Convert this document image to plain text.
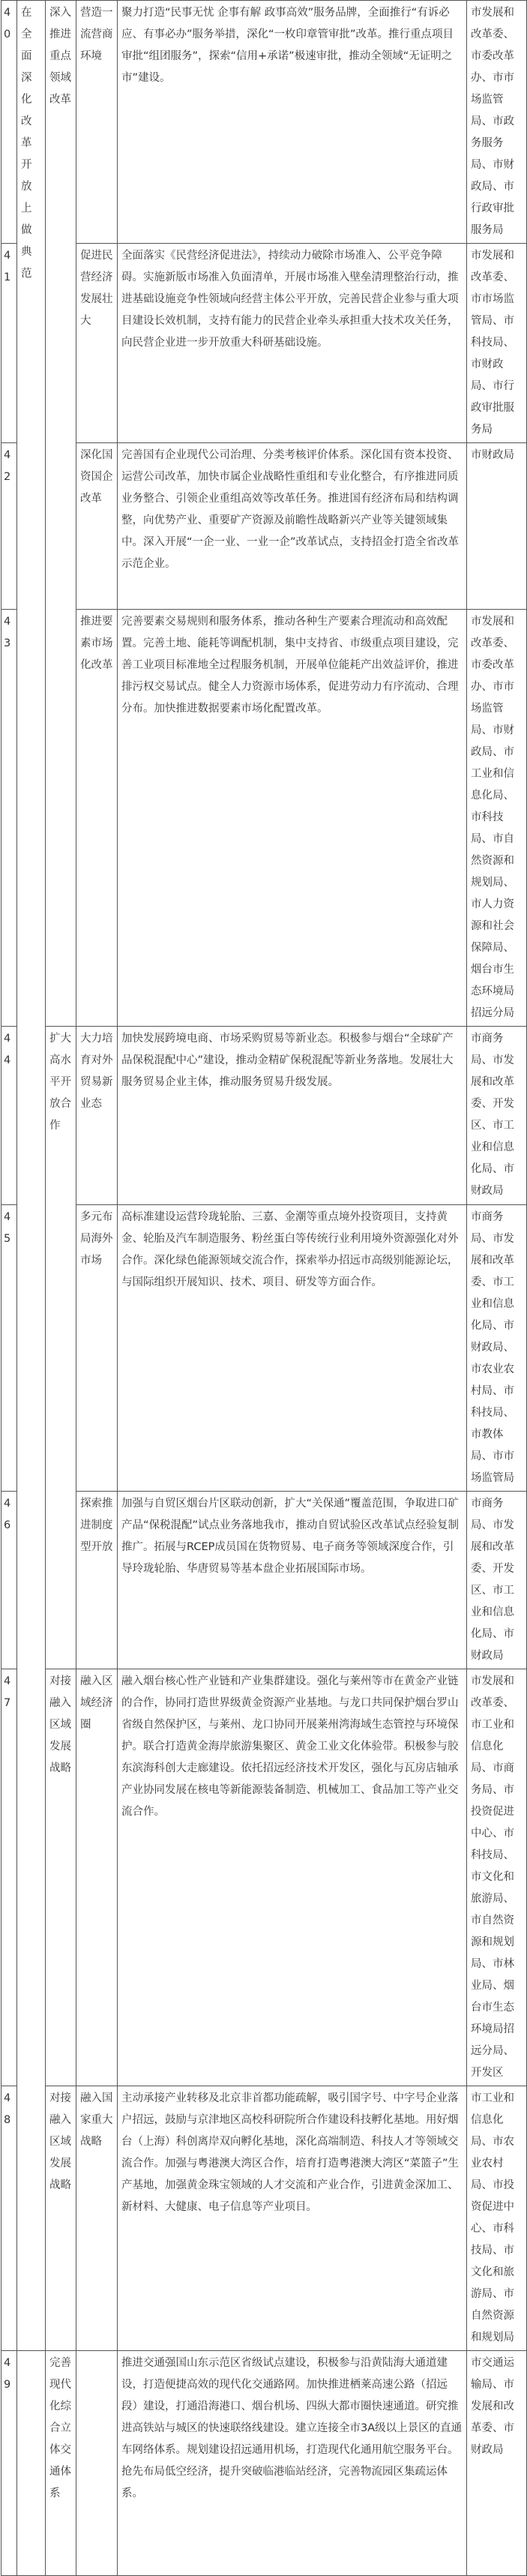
40	在全面深化改革开放上做典范	深入推进重点领域改革	营造一流营商环境	聚力打造“民事无忧 企事有解 政事高效”服务品牌，全面推行“有诉必应、有事必办”服务举措，深化“一枚印章管审批”改革。推行重点项目审批“组团服务”，探索“信用+承诺”极速审批，推动全领域“无证明之市”建设。	市发展和改革委、市委改革办、市市场监管局、市政务服务局、市财政局、市行政审批服务局
41			促进民营经济发展壮大	全面落实《民营经济促进法》，持续动力破除市场准入、公平竞争障碍。实施新版市场准入负面清单，开展市场准入壁垒清理整治行动，推进基础设施竞争性领域向经营主体公平开放，完善民营企业参与重大项目建设长效机制，支持有能力的民营企业牵头承担重大技术攻关任务，向民营企业进一步开放重大科研基础设施。	市发展和改革委、市市场监管局、市科技局、市财政局、市行政审批服务局
42			深化国资国企改革	完善国有企业现代公司治理、分类考核评价体系。深化国有资本投资、运营公司改革，加快市属企业战略性重组和专业化整合，有序推进同质业务整合、引领企业重组高效等改革任务。推进国有经济布局和结构调整，向优势产业、重要矿产资源及前瞻性战略新兴产业等关键领域集中。深入开展“一企一业、一业一企”改革试点，支持招金打造全省改革示范企业。	市财政局
43			推进要素市场化改革	完善要素交易规则和服务体系，推动各种生产要素合理流动和高效配置。完善土地、能耗等调配机制，集中支持省、市级重点项目建设，完善工业项目标准地全过程服务机制，开展单位能耗产出效益评价，推进排污权交易试点。健全人力资源市场体系，促进劳动力有序流动、合理分布。加快推进数据要素市场化配置改革。	市发展和改革委、市委改革办、市市场监管局、市财政局、市工业和信息化局、市科技局、市自然资源和规划局、市人力资源和社会保障局、烟台市生态环境局招远分局
44		扩大高水平开放合作	大力培育对外贸易新业态	加快发展跨境电商、市场采购贸易等新业态。积极参与烟台“全球矿产品保税混配中心”建设，推动金精矿保税混配等新业务落地。发展壮大服务贸易企业主体，推动服务贸易升级发展。	市商务局、市发展和改革委、开发区、市工业和信息化局、市财政局
45			多元布局海外市场	高标准建设运营玲珑轮胎、三嘉、金潮等重点境外投资项目，支持黄金、轮胎及汽车制造服务、粉丝蛋白等传统行业利用境外资源强化对外合作。深化绿色能源领域交流合作，探索举办招远市高级别能源论坛，与国际组织开展知识、技术、项目、研发等方面合作。	市商务局、市发展和改革委、市工业和信息化局、市财政局、市农业农村局、市科技局、市教体局、市市场监管局
46			探索推进制度型开放	加强与自贸区烟台片区联动创新，扩大“关保通”覆盖范围，争取进口矿产品“保税混配”试点业务落地我市，推动自贸试验区改革试点经验复制推广。拓展与RCEP成员国在货物贸易、电子商务等领域深度合作，引导玲珑轮胎、华唐贸易等基本盘企业拓展国际市场。	市商务局、市发展和改革委、开发区、市工业和信息化局、市财政局
47		对接融入区域发展战略	融入区域经济圈	融入烟台核心性产业链和产业集群建设。强化与莱州等市在黄金产业链的合作，协同打造世界级黄金资源产业基地。与龙口共同保护烟台罗山省级自然保护区，与莱州、龙口协同开展莱州湾海域生态管控与环境保护。联合打造黄金海岸旅游集聚区、黄金工业文化体验带。积极参与胶东滨海科创大走廊建设。依托招远经济技术开发区，强化与瓦房店轴承产业协同发展在核电等新能源装备制造、机械加工、食品加工等产业交流合作。	市发展和改革委、市工业和信息化局、市商务局、市投资促进中心、市科技局、市文化和旅游局、市自然资源和规划局、市林业局、烟台市生态环境局招远分局、开发区
48		对接融入区域发展战略	融入国家重大战略	主动承接产业转移及北京非首都功能疏解，吸引国字号、中字号企业落户招远，鼓励与京津地区高校科研院所合作建设科技孵化基地。用好烟台（上海）科创离岸双向孵化基地，深化高端制造、科技人才等领域交流合作。加强与粤港澳大湾区合作，培育打造粤港澳大湾区“菜篮子”生产基地，加强黄金珠宝领域的人才交流和产业合作，引进黄金深加工、新材料、大健康、电子信息等产业项目。	市工业和信息化局、市农业农村局、市投资促进中心、市科技局、市文化和旅游局、市自然资源和规划局
49		完善现代化综合立体交通体系		推进交通强国山东示范区省级试点建设，积极参与沿黄陆海大通道建设，打造便捷高效的现代化交通路网。加快推进栖莱高速公路（招远段）建设，打通沿海港口、烟台机场、四纵大都市圈快速通道。研究推进高铁站与城区的快速联络线建设。建立连接全市3A级以上景区的直通车网络体系。规划建设招远通用机场，打造现代化通用航空服务平台。抢先布局低空经济，提升突破临港临站经济，完善物流园区集疏运体系。	市交通运输局、市发展和改革委、市财政局
